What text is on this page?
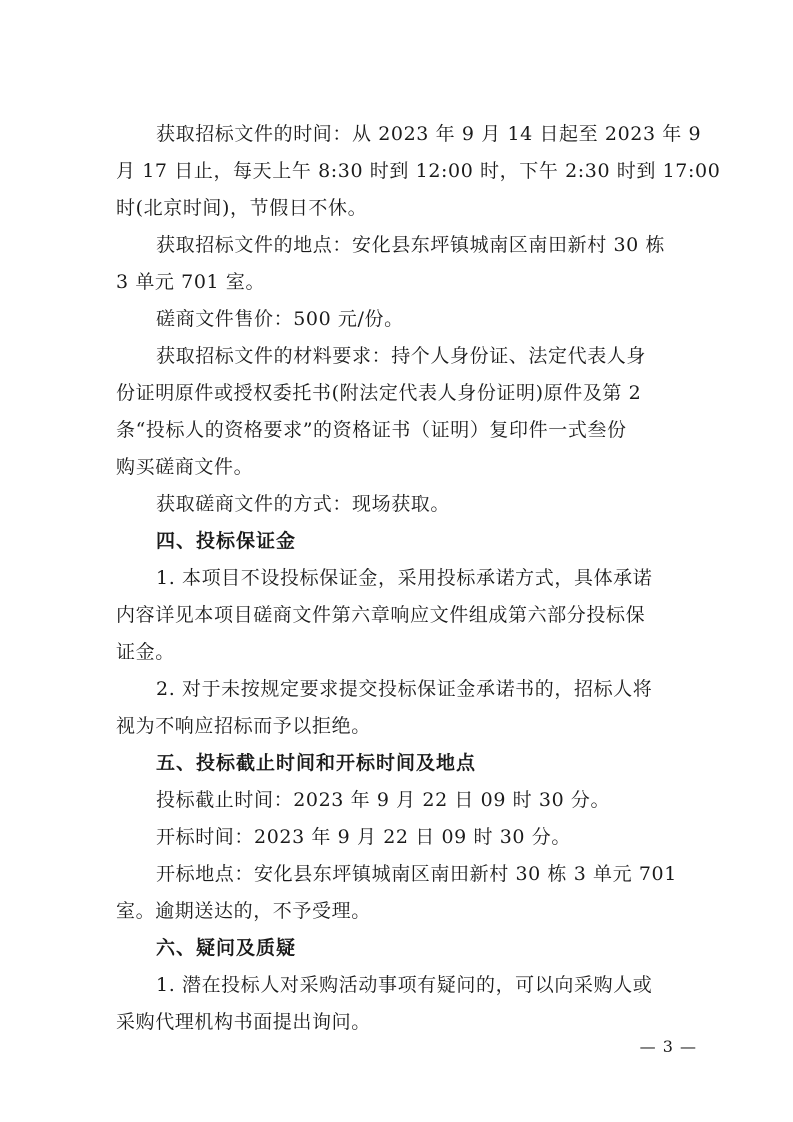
获取招标文件的时间：从 2023 年 9 月 14 日起至 2023 年 9
月 17 日止，每天上午 8:30 时到 12:00 时，下午 2:30 时到 17:00
时(北京时间)，节假日不休。
获取招标文件的地点：安化县东坪镇城南区南田新村 30 栋
3 单元 701 室。
磋商文件售价：500 元/份。
获取招标文件的材料要求：持个人身份证、法定代表人身
份证明原件或授权委托书(附法定代表人身份证明)原件及第 2
条“投标人的资格要求”的资格证书（证明）复印件一式叁份
购买磋商文件。
获取磋商文件的方式：现场获取。
四、投标保证金
1. 本项目不设投标保证金，采用投标承诺方式，具体承诺
内容详见本项目磋商文件第六章响应文件组成第六部分投标保
证金。
2. 对于未按规定要求提交投标保证金承诺书的，招标人将
视为不响应招标而予以拒绝。
五、投标截止时间和开标时间及地点
投标截止时间：2023 年 9 月 22 日 09 时 30 分。
开标时间：2023 年 9 月 22 日 09 时 30 分。
开标地点：安化县东坪镇城南区南田新村 30 栋 3 单元 701
室。逾期送达的，不予受理。
六、疑问及质疑
1. 潜在投标人对采购活动事项有疑问的，可以向采购人或
采购代理机构书面提出询问。
— 3 —
